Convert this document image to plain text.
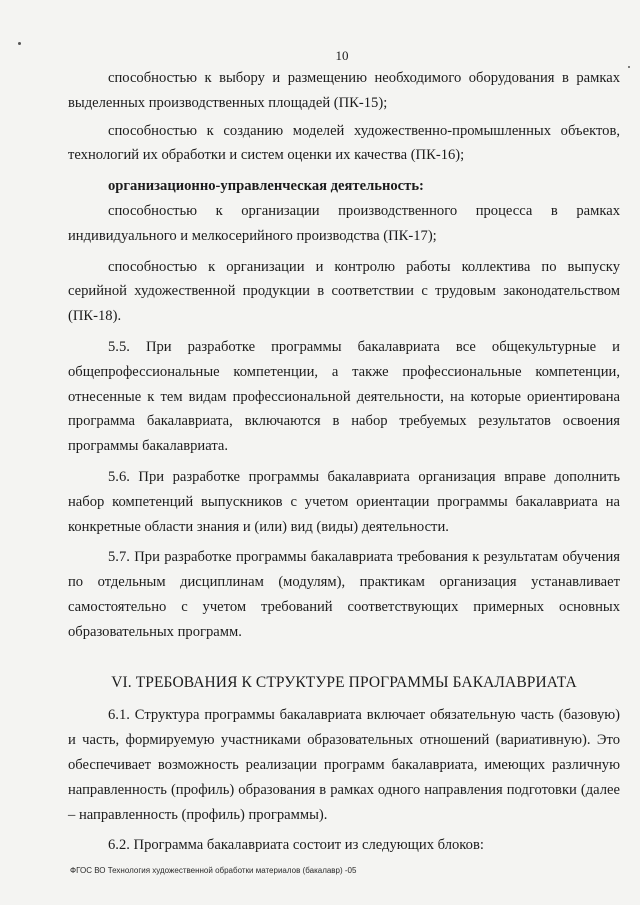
10

способностью к выбору и размещению необходимого оборудования в рамках выделенных производственных площадей (ПК-15);

способностью к созданию моделей художественно-промышленных объектов, технологий их обработки и систем оценки их качества (ПК-16);

организационно-управленческая деятельность:

способностью к организации производственного процесса в рамках индивидуального и мелкосерийного производства (ПК-17);

способностью к организации и контролю работы коллектива по выпуску серийной художественной продукции в соответствии с трудовым законодательством (ПК-18).

5.5. При разработке программы бакалавриата все общекультурные и общепрофессиональные компетенции, а также профессиональные компетенции, отнесенные к тем видам профессиональной деятельности, на которые ориентирована программа бакалавриата, включаются в набор требуемых результатов освоения программы бакалавриата.

5.6. При разработке программы бакалавриата организация вправе дополнить набор компетенций выпускников с учетом ориентации программы бакалавриата на конкретные области знания и (или) вид (виды) деятельности.

5.7. При разработке программы бакалавриата требования к результатам обучения по отдельным дисциплинам (модулям), практикам организация устанавливает самостоятельно с учетом требований соответствующих примерных основных образовательных программ.

VI. ТРЕБОВАНИЯ К СТРУКТУРЕ ПРОГРАММЫ БАКАЛАВРИАТА

6.1. Структура программы бакалавриата включает обязательную часть (базовую) и часть, формируемую участниками образовательных отношений (вариативную). Это обеспечивает возможность реализации программ бакалавриата, имеющих различную направленность (профиль) образования в рамках одного направления подготовки (далее – направленность (профиль) программы).

6.2. Программа бакалавриата состоит из следующих блоков:

ФГОС ВО Технология художественной обработки материалов (бакалавр) -05
